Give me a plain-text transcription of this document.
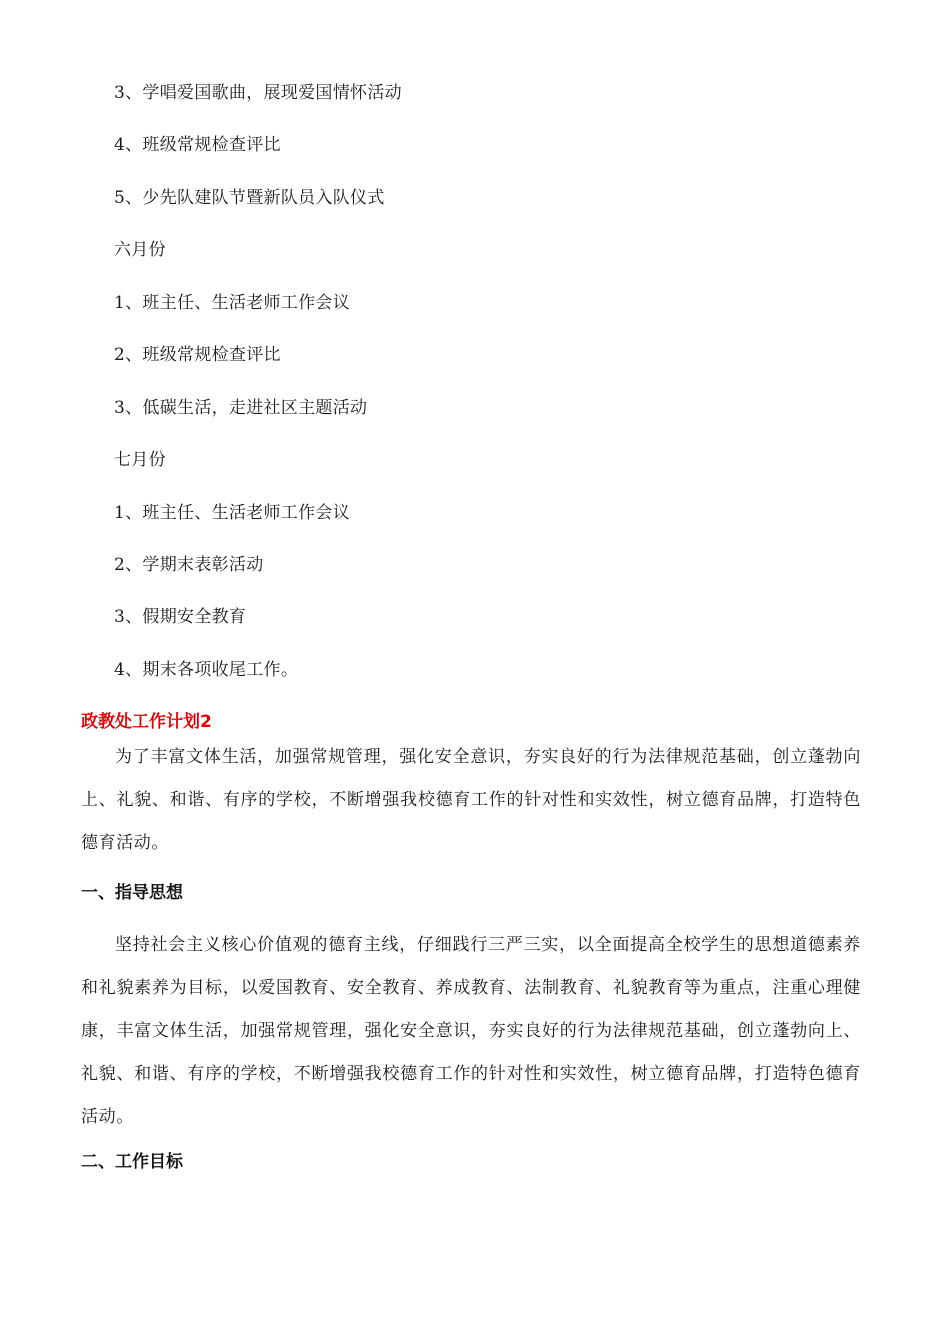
3、学唱爱国歌曲，展现爱国情怀活动
4、班级常规检查评比
5、少先队建队节暨新队员入队仪式
六月份
1、班主任、生活老师工作会议
2、班级常规检查评比
3、低碳生活，走进社区主题活动
七月份
1、班主任、生活老师工作会议
2、学期末表彰活动
3、假期安全教育
4、期末各项收尾工作。
政教处工作计划2

为了丰富文体生活，加强常规管理，强化安全意识，夯实良好的行为法律规范基础，创立蓬勃向上、礼貌、和谐、有序的学校，不断增强我校德育工作的针对性和实效性，树立德育品牌，打造特色德育活动。

一、指导思想

坚持社会主义核心价值观的德育主线，仔细践行三严三实，以全面提高全校学生的思想道德素养和礼貌素养为目标，以爱国教育、安全教育、养成教育、法制教育、礼貌教育等为重点，注重心理健康，丰富文体生活，加强常规管理，强化安全意识，夯实良好的行为法律规范基础，创立蓬勃向上、礼貌、和谐、有序的学校，不断增强我校德育工作的针对性和实效性，树立德育品牌，打造特色德育活动。

二、工作目标
